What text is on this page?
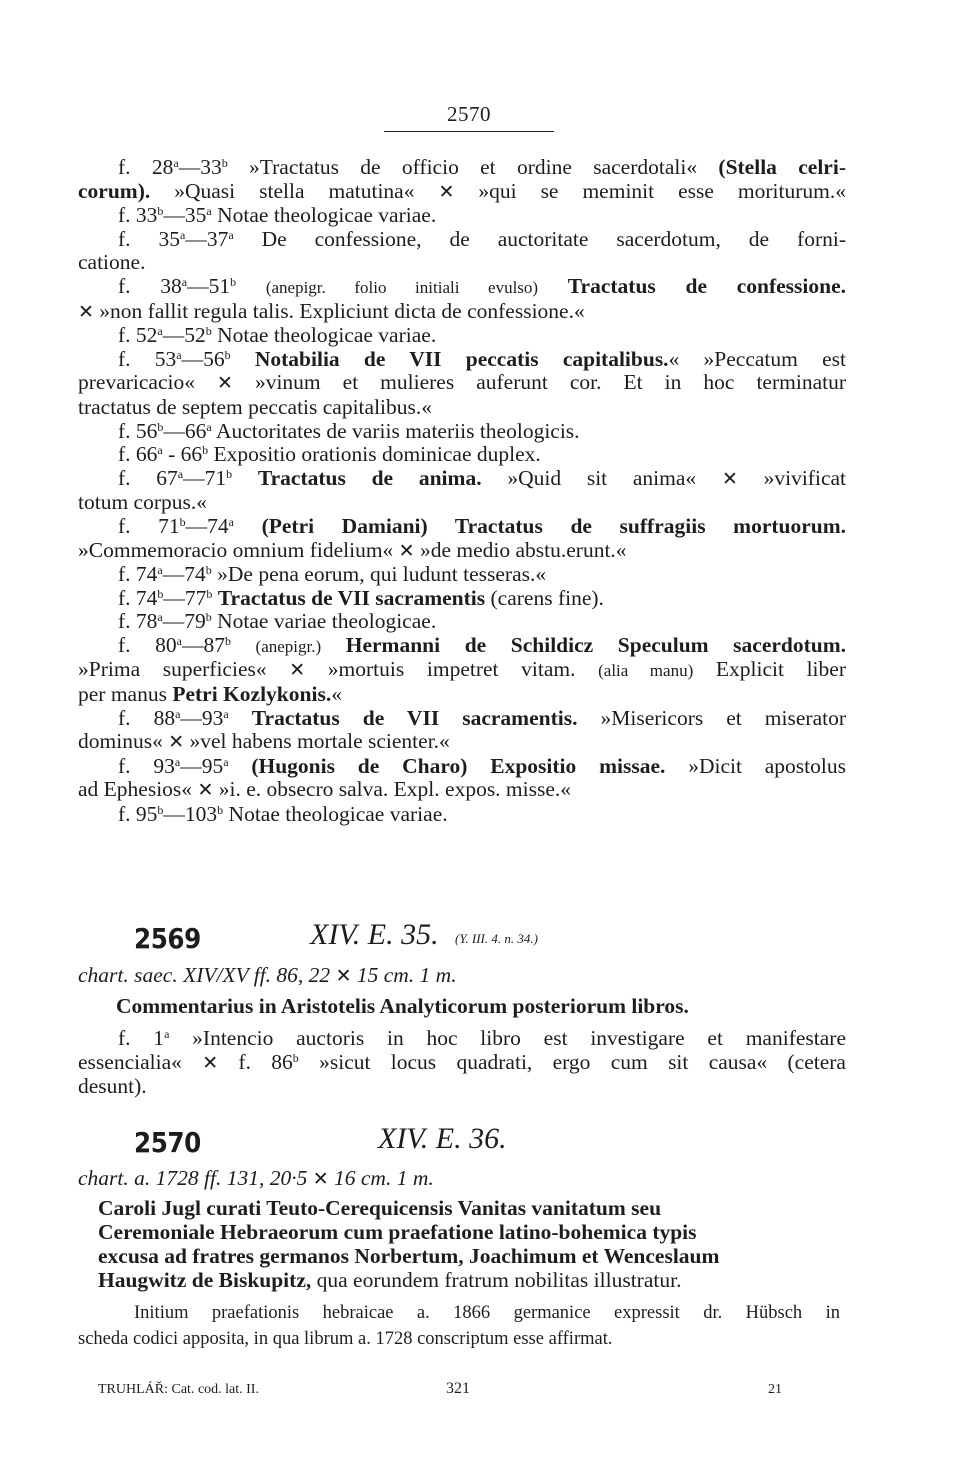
2570
f. 28$^a$—33$^b$ »Tractatus de officio et ordine sacerdotali« (Stella celri-
corum). »Quasi stella matutina« ✕ »qui se meminit esse moriturum.«
f. 33$^b$—35$^a$ Notae theologicae variae.
f. 35$^a$—37$^a$ De confessione, de auctoritate sacerdotum, de forni-
catione.
f. 38$^a$—51$^b$ (anepigr. folio initiali evulso) Tractatus de confessione.
✕ »non fallit regula talis. Expliciunt dicta de confessione.«
f. 52$^a$—52$^b$ Notae theologicae variae.
f. 53$^a$—56$^b$ Notabilia de VII peccatis capitalibus.« »Peccatum est
prevaricacio« ✕ »vinum et mulieres auferunt cor. Et in hoc terminatur
tractatus de septem peccatis capitalibus.«
f. 56$^b$—66$^a$ Auctoritates de variis materiis theologicis.
f. 66$^a$ - 66$^b$ Expositio orationis dominicae duplex.
f. 67$^a$—71$^b$ Tractatus de anima. »Quid sit anima« ✕ »vivificat
totum corpus.«
f. 71$^b$—74$^a$ (Petri Damiani) Tractatus de suffragiis mortuorum.
»Commemoracio omnium fidelium« ✕ »de medio abstu.erunt.«
f. 74$^a$—74$^b$ »De pena eorum, qui ludunt tesseras.«
f. 74$^b$—77$^b$ Tractatus de VII sacramentis (carens fine).
f. 78$^a$—79$^b$ Notae variae theologicae.
f. 80$^a$—87$^b$ (anepigr.) Hermanni de Schildicz Speculum sacerdotum.
»Prima superficies« ✕ »mortuis impetret vitam. (alia manu) Explicit liber
per manus Petri Kozlykonis.«
f. 88$^a$—93$^a$ Tractatus de VII sacramentis. »Misericors et miserator
dominus« ✕ »vel habens mortale scienter.«
f. 93$^a$—95$^a$ (Hugonis de Charo) Expositio missae. »Dicit apostolus
ad Ephesios« ✕ »i. e. obsecro salva. Expl. expos. misse.«
f. 95$^b$—103$^b$ Notae theologicae variae.
2569	XIV. E. 35. (Y. III. 4. n. 34.)
chart. saec. XIV/XV ff. 86, 22 ✕ 15 cm. 1 m.
Commentarius in Aristotelis Analyticorum posteriorum libros.
f. 1$^a$ »Intencio auctoris in hoc libro est investigare et manifestare
essencialia« ✕ f. 86$^b$ »sicut locus quadrati, ergo cum sit causa« (cetera
desunt).
2570	XIV. E. 36.
chart. a. 1728 ff. 131, 20·5 ✕ 16 cm. 1 m.
Caroli Jugl curati Teuto-Cerequicensis Vanitas vanitatum seu
Ceremoniale Hebraeorum cum praefatione latino-bohemica typis
excusa ad fratres germanos Norbertum, Joachimum et Wenceslaum
Haugwitz de Biskupitz, qua eorundem fratrum nobilitas illustratur.
Initium praefationis hebraicae a. 1866 germanice expressit dr. Hübsch in
scheda codici apposita, in qua librum a. 1728 conscriptum esse affirmat.
TRUHLÁŘ: Cat. cod. lat. II.	321	21
